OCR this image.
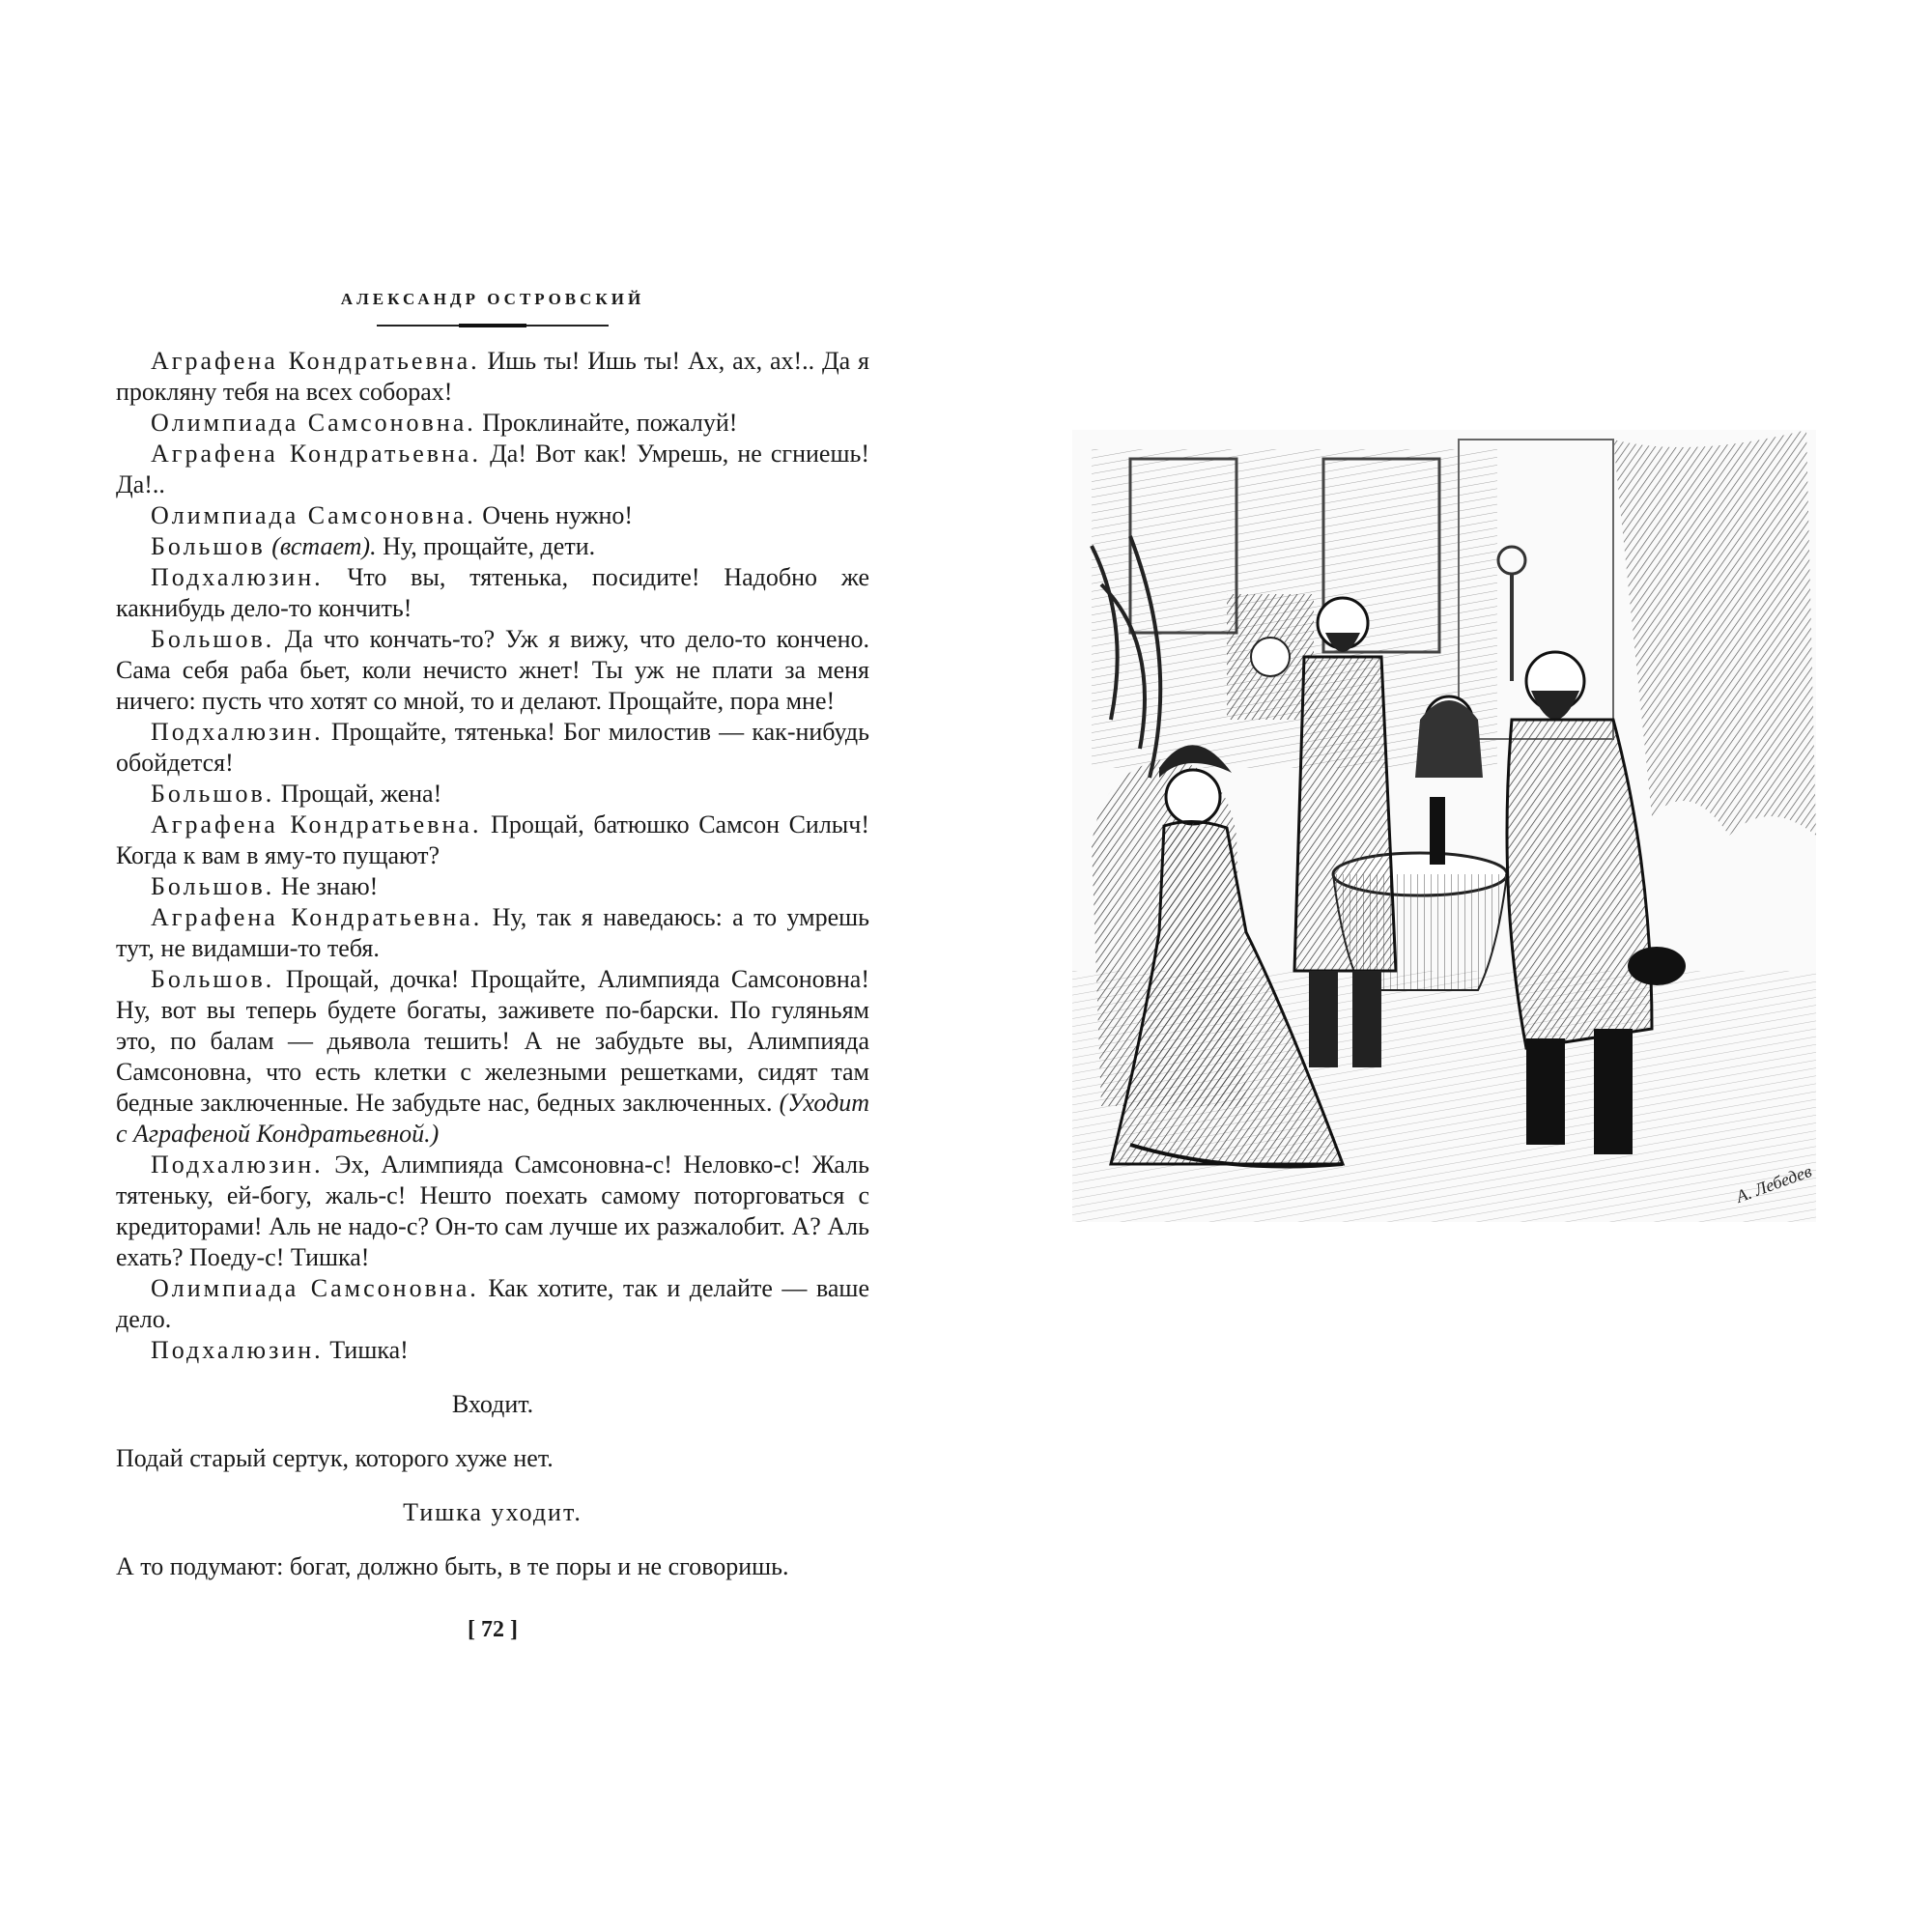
АЛЕКСАНДР ОСТРОВСКИЙ

Аграфена Кондратьевна. Ишь ты! Ишь ты! Ах, ах, ах!.. Да я прокляну тебя на всех соборах!

Олимпиада Самсоновна. Проклинайте, пожалуй!

Аграфена Кондратьевна. Да! Вот как! Умрешь, не сгниешь! Да!..

Олимпиада Самсоновна. Очень нужно!

Большов (встает). Ну, прощайте, дети.

Подхалюзин. Что вы, тятенька, посидите! Надобно же какнибудь дело-то кончить!

Большов. Да что кончать-то? Уж я вижу, что дело-то кончено. Сама себя раба бьет, коли нечисто жнет! Ты уж не плати за меня ничего: пусть что хотят со мной, то и делают. Прощайте, пора мне!

Подхалюзин. Прощайте, тятенька! Бог милостив — как-нибудь обойдется!

Большов. Прощай, жена!

Аграфена Кондратьевна. Прощай, батюшко Самсон Силыч! Когда к вам в яму-то пущают?

Большов. Не знаю!

Аграфена Кондратьевна. Ну, так я наведаюсь: а то умрешь тут, не видамши-то тебя.

Большов. Прощай, дочка! Прощайте, Алимпияда Самсоновна! Ну, вот вы теперь будете богаты, заживете по-барски. По гуляньям это, по балам — дьявола тешить! А не забудьте вы, Алимпияда Самсоновна, что есть клетки с железными решетками, сидят там бедные заключенные. Не забудьте нас, бедных заключенных. (Уходит с Аграфеной Кондратьевной.)

Подхалюзин. Эх, Алимпияда Самсоновна-с! Неловко-с! Жаль тятеньку, ей-богу, жаль-с! Нешто поехать самому поторговаться с кредиторами! Аль не надо-с? Он-то сам лучше их разжалобит. А? Аль ехать? Поеду-с! Тишка!

Олимпиада Самсоновна. Как хотите, так и делайте — ваше дело.

Подхалюзин. Тишка!

Входит.

Подай старый сертук, которого хуже нет.

Тишка уходит.

А то подумают: богат, должно быть, в те поры и не сговоришь.

[ 72 ]
А. Лебедев
